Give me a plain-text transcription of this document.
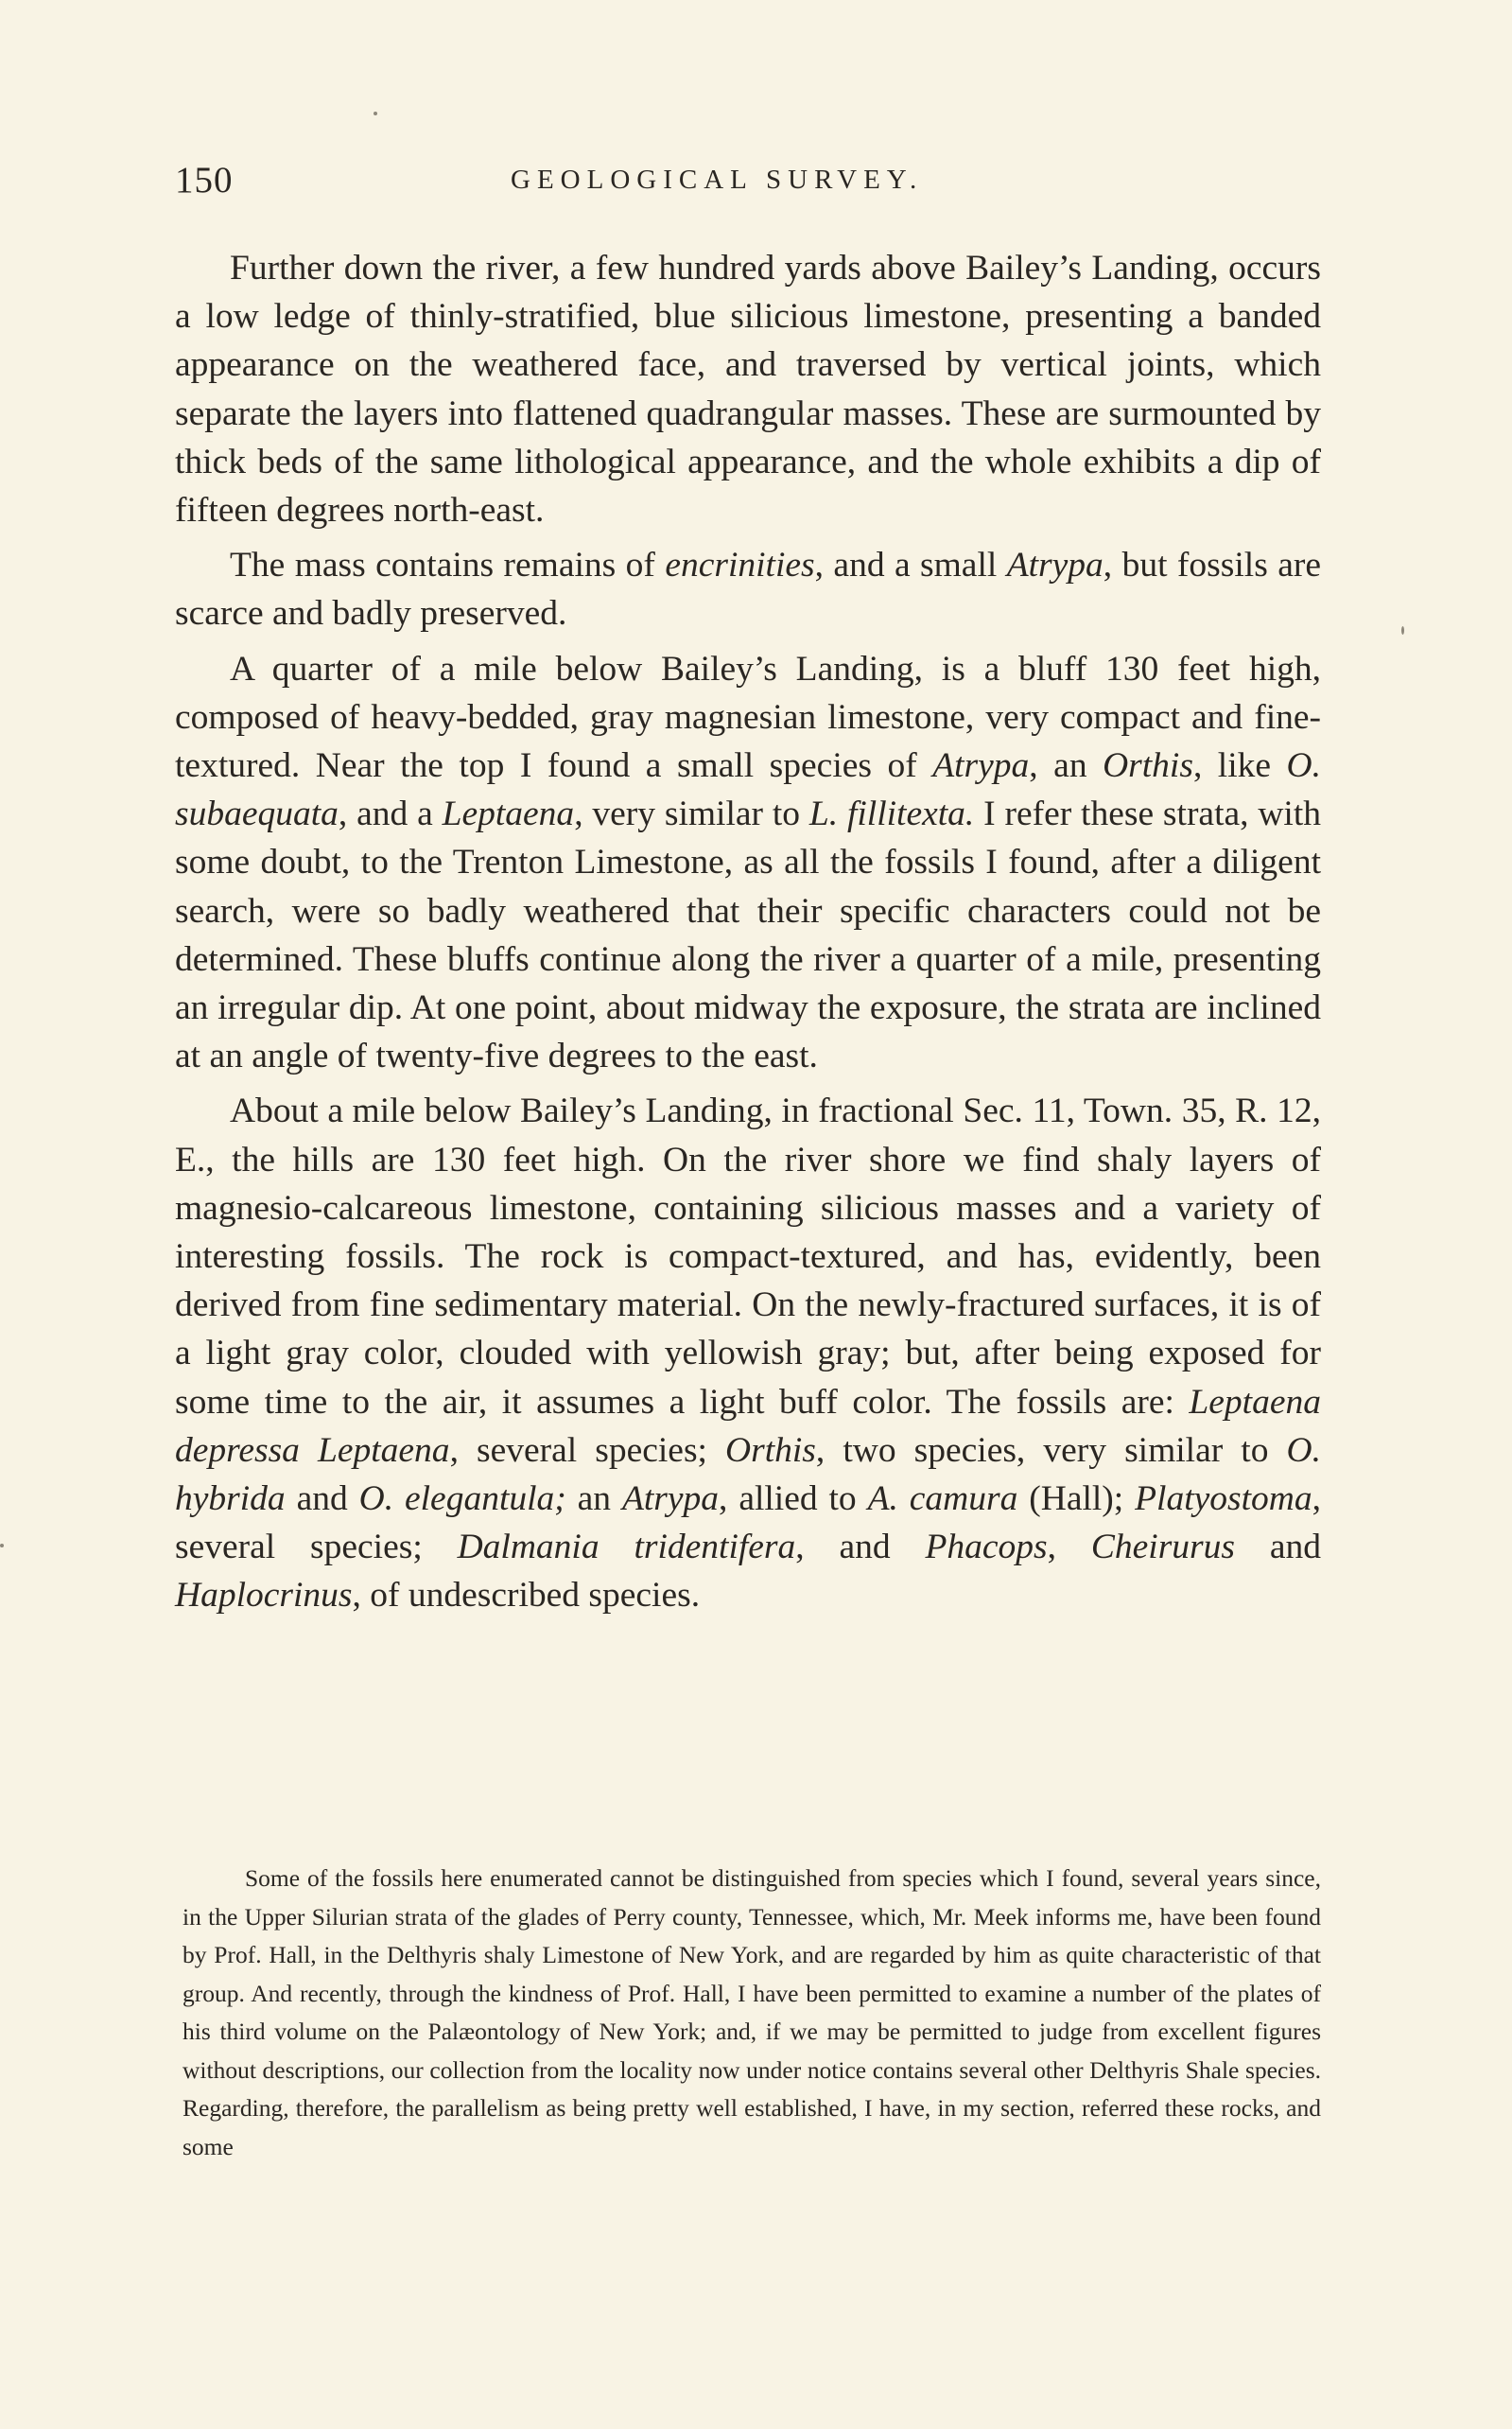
150	GEOLOGICAL SURVEY.

Further down the river, a few hundred yards above Bailey’s Landing, occurs a low ledge of thinly-stratified, blue silicious limestone, presenting a banded appearance on the weathered face, and traversed by vertical joints, which separate the layers into flattened quadrangular masses. These are surmounted by thick beds of the same lithological appearance, and the whole exhibits a dip of fifteen degrees north-east.

The mass contains remains of encrinities, and a small Atrypa, but fossils are scarce and badly preserved.

A quarter of a mile below Bailey’s Landing, is a bluff 130 feet high, composed of heavy-bedded, gray magnesian limestone, very compact and fine-textured. Near the top I found a small species of Atrypa, an Orthis, like O. subaequata, and a Leptaena, very similar to L. fillitexta. I refer these strata, with some doubt, to the Trenton Limestone, as all the fossils I found, after a diligent search, were so badly weathered that their specific characters could not be determined. These bluffs continue along the river a quarter of a mile, presenting an irregular dip. At one point, about midway the exposure, the strata are inclined at an angle of twenty-five degrees to the east.

About a mile below Bailey’s Landing, in fractional Sec. 11, Town. 35, R. 12, E., the hills are 130 feet high. On the river shore we find shaly layers of magnesio-calcareous limestone, containing silicious masses and a variety of interesting fossils. The rock is compact-textured, and has, evidently, been derived from fine sedimentary material. On the newly-fractured surfaces, it is of a light gray color, clouded with yellowish gray; but, after being exposed for some time to the air, it assumes a light buff color. The fossils are: Leptaena depressa Leptaena, several species; Orthis, two species, very similar to O. hybrida and O. elegantula; an Atrypa, allied to A. camura (Hall); Platyostoma, several species; Dalmania tridentifera, and Phacops, Cheirurus and Haplocrinus, of undescribed species.

Some of the fossils here enumerated cannot be distinguished from species which I found, several years since, in the Upper Silurian strata of the glades of Perry county, Tennessee, which, Mr. Meek informs me, have been found by Prof. Hall, in the Delthyris shaly Limestone of New York, and are regarded by him as quite characteristic of that group. And recently, through the kindness of Prof. Hall, I have been permitted to examine a number of the plates of his third volume on the Palæontology of New York; and, if we may be permitted to judge from excellent figures without descriptions, our collection from the locality now under notice contains several other Delthyris Shale species. Regarding, therefore, the parallelism as being pretty well established, I have, in my section, referred these rocks, and some
